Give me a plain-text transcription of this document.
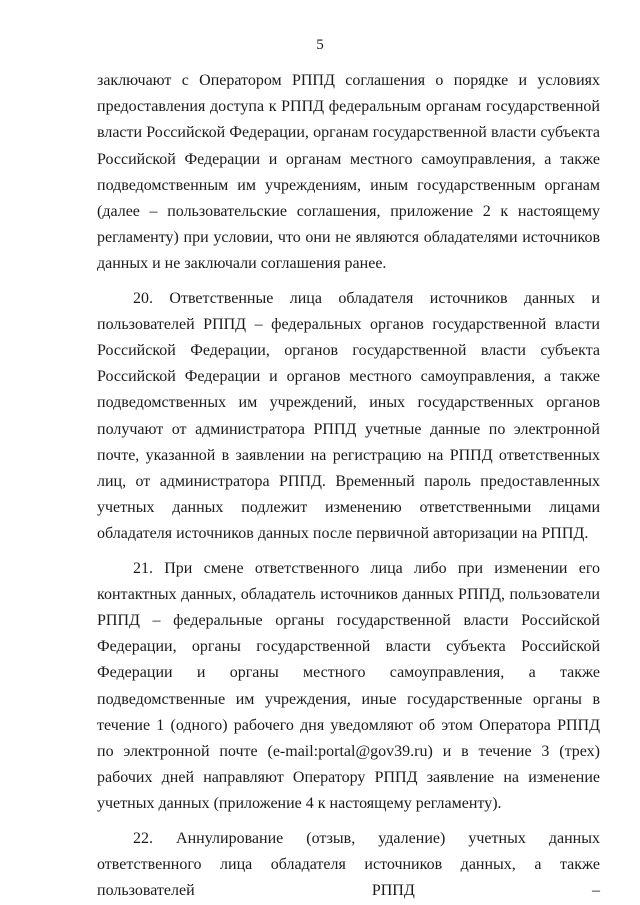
5

заключают с Оператором РППД соглашения о порядке и условиях предоставления доступа к РППД федеральным органам государственной власти Российской Федерации, органам государственной власти субъекта Российской Федерации и органам местного самоуправления, а также подведомственным им учреждениям, иным государственным органам (далее – пользовательские соглашения, приложение 2 к настоящему регламенту) при условии, что они не являются обладателями источников данных и не заключали соглашения ранее.

20. Ответственные лица обладателя источников данных и пользователей РППД – федеральных органов государственной власти Российской Федерации, органов государственной власти субъекта Российской Федерации и органов местного самоуправления, а также подведомственных им учреждений, иных государственных органов получают от администратора РППД учетные данные по электронной почте, указанной в заявлении на регистрацию на РППД ответственных лиц, от администратора РППД. Временный пароль предоставленных учетных данных подлежит изменению ответственными лицами обладателя источников данных после первичной авторизации на РППД.

21. При смене ответственного лица либо при изменении его контактных данных, обладатель источников данных РППД, пользователи РППД – федеральные органы государственной власти Российской Федерации, органы государственной власти субъекта Российской Федерации и органы местного самоуправления, а также подведомственные им учреждения, иные государственные органы в течение 1 (одного) рабочего дня уведомляют об этом Оператора РППД по электронной почте (e-mail:portal@gov39.ru) и в течение 3 (трех) рабочих дней направляют Оператору РППД заявление на изменение учетных данных (приложение 4 к настоящему регламенту).

22. Аннулирование (отзыв, удаление) учетных данных ответственного лица обладателя источников данных, а также пользователей РППД –
